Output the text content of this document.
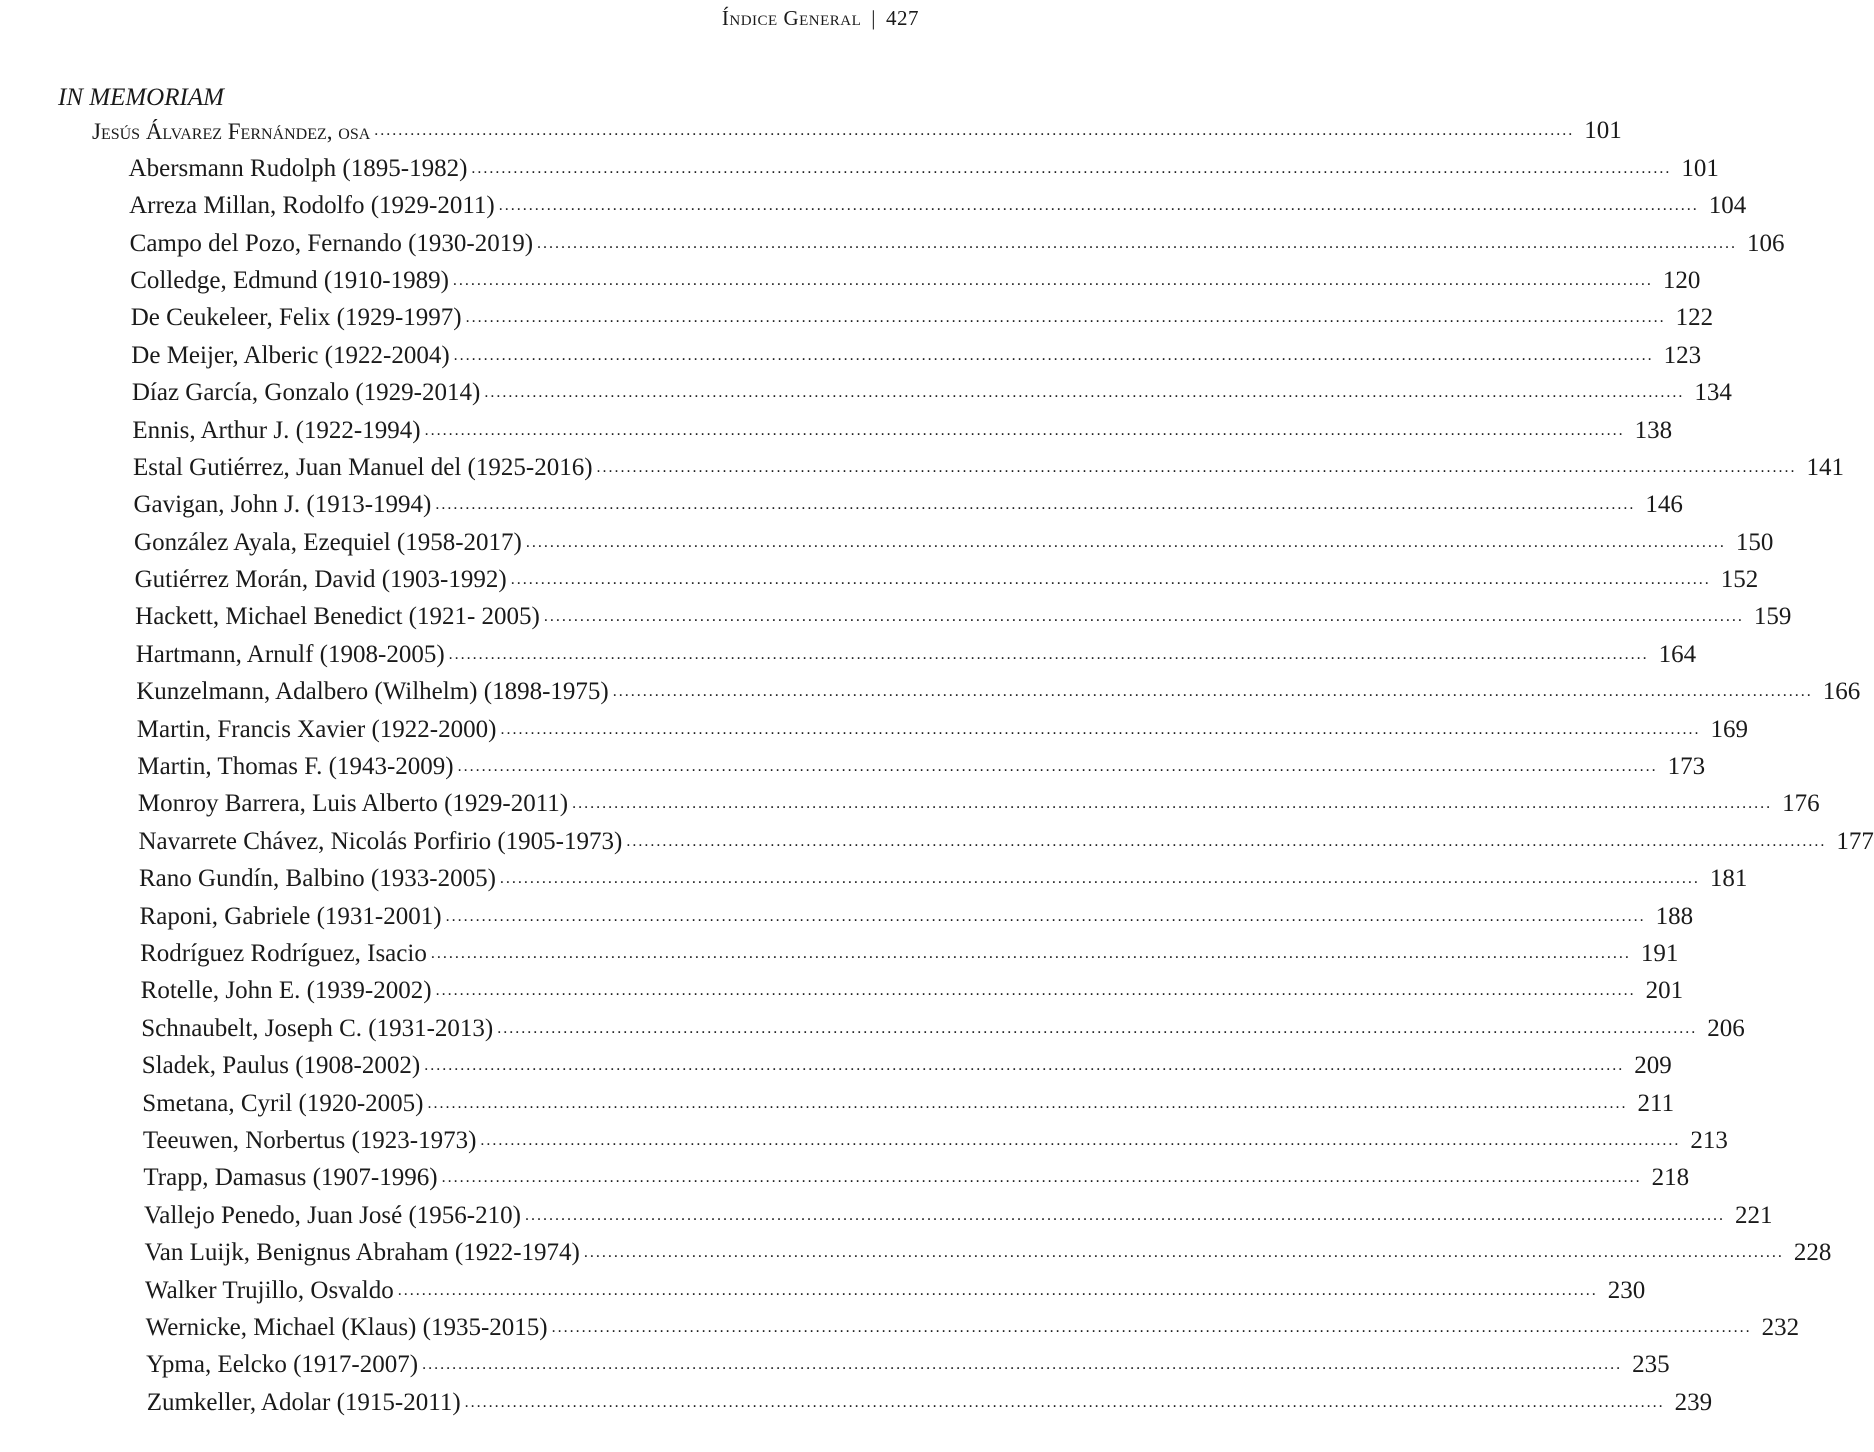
Índice General | 427
IN MEMORIAM
Jesús Álvarez Fernández, osa ........................................................................................................................................................................................................ 101
Abersmann Rudolph (1895-1982) ........................................................................................................................................................................................................ 101
Arreza Millan, Rodolfo (1929-2011) ........................................................................................................................................................................................................ 104
Campo del Pozo, Fernando (1930-2019) ........................................................................................................................................................................................................ 106
Colledge, Edmund (1910-1989) ........................................................................................................................................................................................................ 120
De Ceukeleer, Felix (1929-1997) ........................................................................................................................................................................................................ 122
De Meijer, Alberic (1922-2004) ........................................................................................................................................................................................................ 123
Díaz García, Gonzalo (1929-2014) ........................................................................................................................................................................................................ 134
Ennis, Arthur J. (1922-1994) ........................................................................................................................................................................................................ 138
Estal Gutiérrez, Juan Manuel del (1925-2016) ........................................................................................................................................................................................................ 141
Gavigan, John J. (1913-1994) ........................................................................................................................................................................................................ 146
González Ayala, Ezequiel (1958-2017) ........................................................................................................................................................................................................ 150
Gutiérrez Morán, David (1903-1992) ........................................................................................................................................................................................................ 152
Hackett, Michael Benedict (1921- 2005) ........................................................................................................................................................................................................ 159
Hartmann, Arnulf (1908-2005) ........................................................................................................................................................................................................ 164
Kunzelmann, Adalbero (Wilhelm) (1898-1975) ........................................................................................................................................................................................................ 166
Martin, Francis Xavier (1922-2000) ........................................................................................................................................................................................................ 169
Martin, Thomas F. (1943-2009) ........................................................................................................................................................................................................ 173
Monroy Barrera, Luis Alberto (1929-2011) ........................................................................................................................................................................................................ 176
Navarrete Chávez, Nicolás Porfirio (1905-1973) ........................................................................................................................................................................................................ 177
Rano Gundín, Balbino (1933-2005) ........................................................................................................................................................................................................ 181
Raponi, Gabriele (1931-2001) ........................................................................................................................................................................................................ 188
Rodríguez Rodríguez, Isacio ........................................................................................................................................................................................................ 191
Rotelle, John E. (1939-2002) ........................................................................................................................................................................................................ 201
Schnaubelt, Joseph C. (1931-2013) ........................................................................................................................................................................................................ 206
Sladek, Paulus (1908-2002) ........................................................................................................................................................................................................ 209
Smetana, Cyril (1920-2005) ........................................................................................................................................................................................................ 211
Teeuwen, Norbertus (1923-1973) ........................................................................................................................................................................................................ 213
Trapp, Damasus (1907-1996) ........................................................................................................................................................................................................ 218
Vallejo Penedo, Juan José (1956-210) ........................................................................................................................................................................................................ 221
Van Luijk, Benignus Abraham (1922-1974) ........................................................................................................................................................................................................ 228
Walker Trujillo, Osvaldo ........................................................................................................................................................................................................ 230
Wernicke, Michael (Klaus) (1935-2015) ........................................................................................................................................................................................................ 232
Ypma, Eelcko (1917-2007) ........................................................................................................................................................................................................ 235
Zumkeller, Adolar (1915-2011) ........................................................................................................................................................................................................ 239
